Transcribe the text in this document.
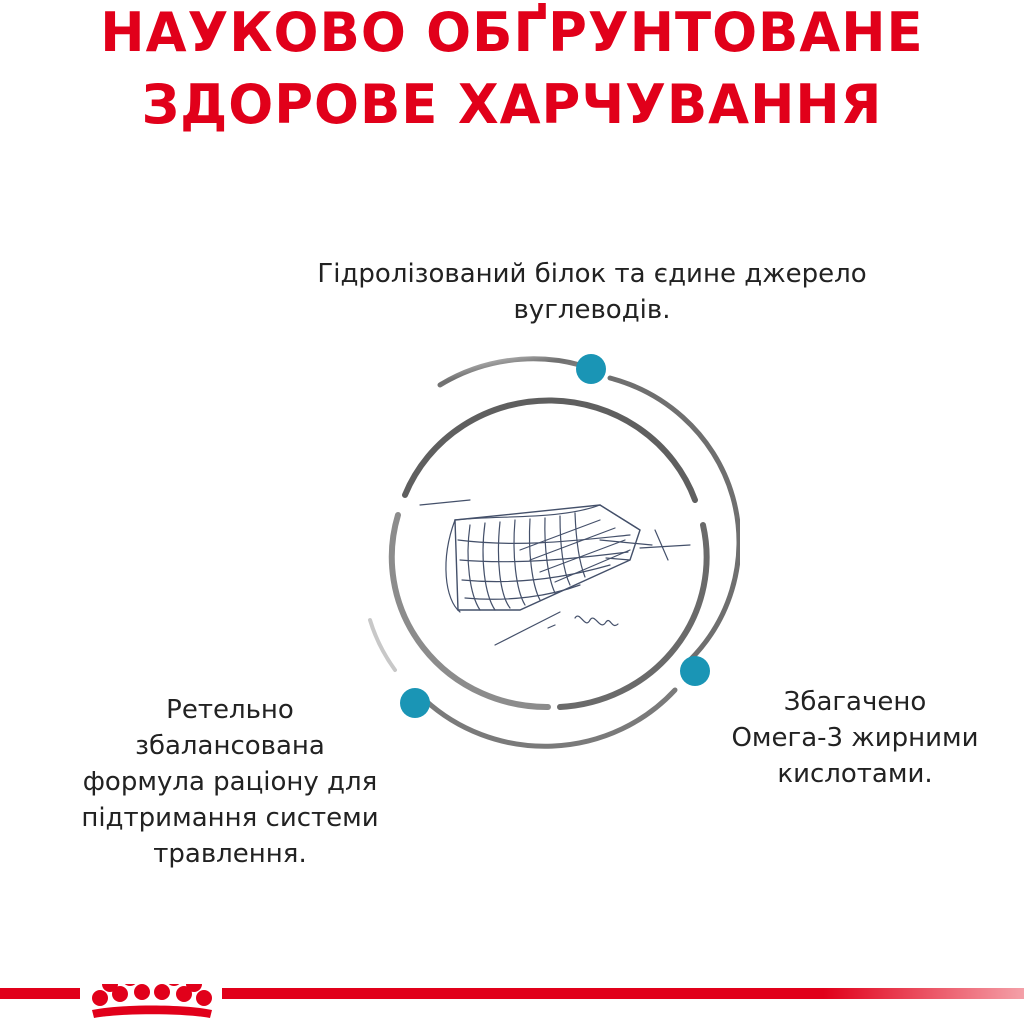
НАУКОВО ОБҐРУНТОВАНЕ
ЗДОРОВЕ ХАРЧУВАННЯ
Гідролізований білок та єдине джерело
вуглеводів.
Ретельно
збалансована
формула раціону для
підтримання системи
травлення.
Збагачено
Омега-3 жирними
кислотами.
